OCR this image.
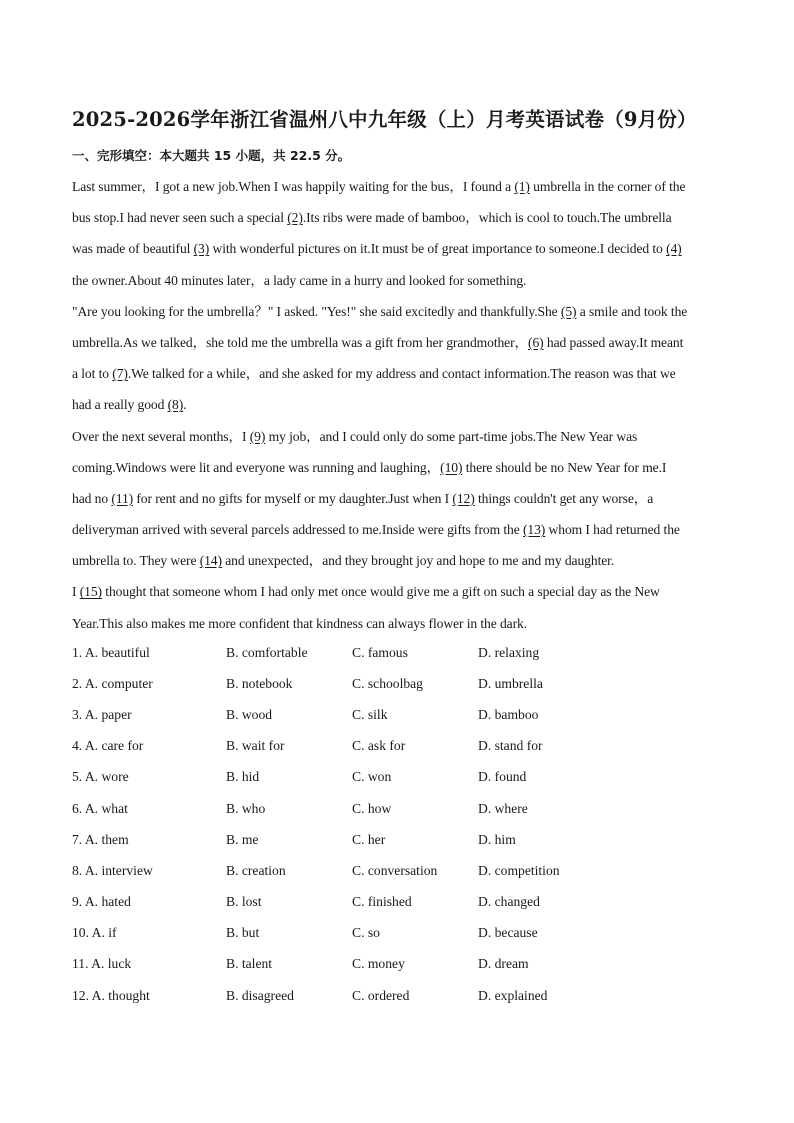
2025-2026学年浙江省温州八中九年级（上）月考英语试卷（9月份）
一、完形填空：本大题共 15 小题，共 22.5 分。
Last summer，I got a new job.When I was happily waiting for the bus，I found a (1) umbrella in the corner of the
bus stop.I had never seen such a special (2).Its ribs were made of bamboo，which is cool to touch.The umbrella
was made of beautiful (3) with wonderful pictures on it.It must be of great importance to someone.I decided to (4)
the owner.About 40 minutes later，a lady came in a hurry and looked for something.
"Are you looking for the umbrella？" I asked. "Yes!" she said excitedly and thankfully.She (5) a smile and took the
umbrella.As we talked，she told me the umbrella was a gift from her grandmother，(6) had passed away.It meant
a lot to (7).We talked for a while，and she asked for my address and contact information.The reason was that we
had a really good (8).
Over the next several months，I (9) my job，and I could only do some part-time jobs.The New Year was
coming.Windows were lit and everyone was running and laughing，(10) there should be no New Year for me.I
had no (11) for rent and no gifts for myself or my daughter.Just when I (12) things couldn't get any worse，a
deliveryman arrived with several parcels addressed to me.Inside were gifts from the (13) whom I had returned the
umbrella to. They were (14) and unexpected，and they brought joy and hope to me and my daughter.
I (15) thought that someone whom I had only met once would give me a gift on such a special day as the New
Year.This also makes me more confident that kindness can always flower in the dark.
1. A. beautiful	B. comfortable	C. famous	D. relaxing
2. A. computer	B. notebook	C. schoolbag	D. umbrella
3. A. paper	B. wood	C. silk	D. bamboo
4. A. care for	B. wait for	C. ask for	D. stand for
5. A. wore	B. hid	C. won	D. found
6. A. what	B. who	C. how	D. where
7. A. them	B. me	C. her	D. him
8. A. interview	B. creation	C. conversation	D. competition
9. A. hated	B. lost	C. finished	D. changed
10. A. if	B. but	C. so	D. because
11. A. luck	B. talent	C. money	D. dream
12. A. thought	B. disagreed	C. ordered	D. explained
